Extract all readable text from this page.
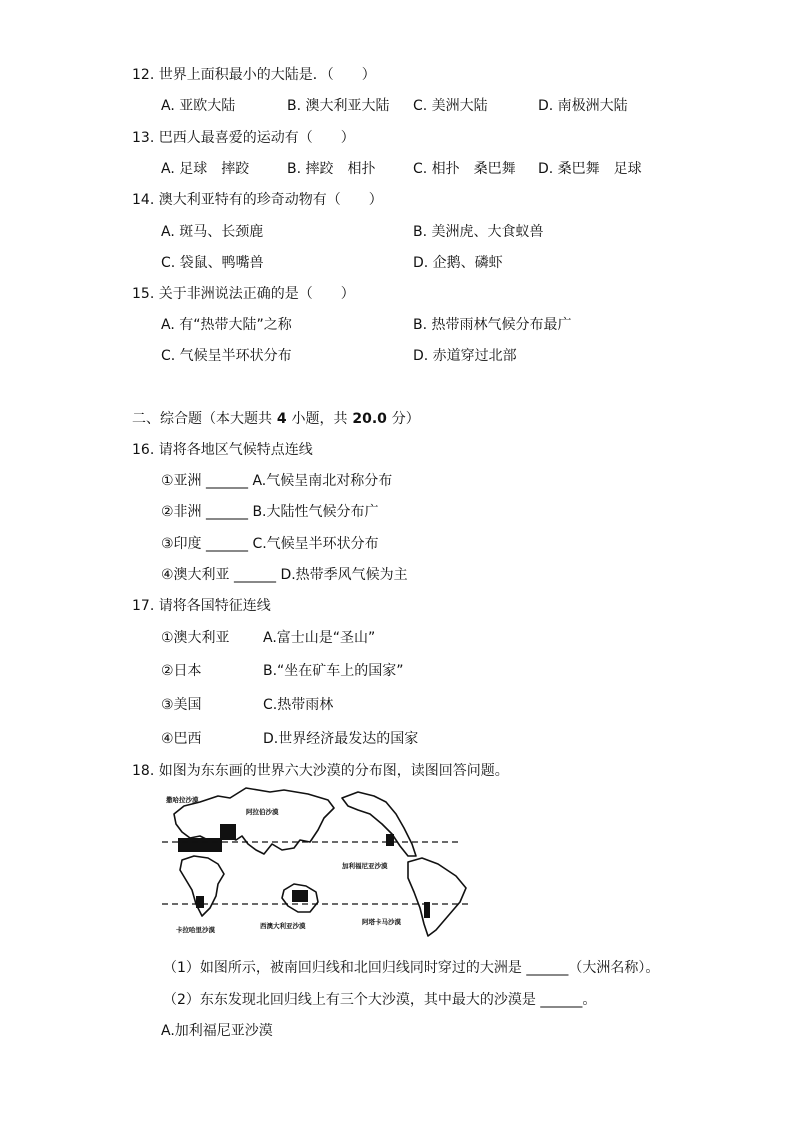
12. 世界上面积最小的大陆是．（　　）
A. 亚欧大陆	B. 澳大利亚大陆 C. 美洲大陆	D. 南极洲大陆
13. 巴西人最喜爱的运动有（　　）
A. 足球　摔跤	B. 摔跤　相扑	C. 相扑　桑巴舞 D. 桑巴舞　足球
14. 澳大利亚特有的珍奇动物有（　　）
A. 斑马、长颈鹿	B. 美洲虎、大食蚁兽
C. 袋鼠、鸭嘴兽	D. 企鹅、磷虾
15. 关于非洲说法正确的是（　　）
A. 有“热带大陆”之称	B. 热带雨林气候分布最广
C. 气候呈半环状分布	D. 赤道穿过北部
二、综合题（本大题共 4 小题，共 20.0 分）
16. 请将各地区气候特点连线
①亚洲 ______ A.气候呈南北对称分布
②非洲 ______ B.大陆性气候分布广
③印度 ______ C.气候呈半环状分布
④澳大利亚 ______ D.热带季风气候为主
17. 请将各国特征连线
①澳大利亚 A.富士山是“圣山”
②日本	B.“坐在矿车上的国家”
③美国	C.热带雨林
④巴西	D.世界经济最发达的国家
18. 如图为东东画的世界六大沙漠的分布图，读图回答问题。
撒哈拉沙漠
阿拉伯沙漠
加利福尼亚沙漠
卡拉哈里沙漠	西澳大利亚沙漠	阿塔卡马沙漠
（1）如图所示，被南回归线和北回归线同时穿过的大洲是 ______（大洲名称）。
（2）东东发现北回归线上有三个大沙漠，其中最大的沙漠是 ______。
A.加利福尼亚沙漠
